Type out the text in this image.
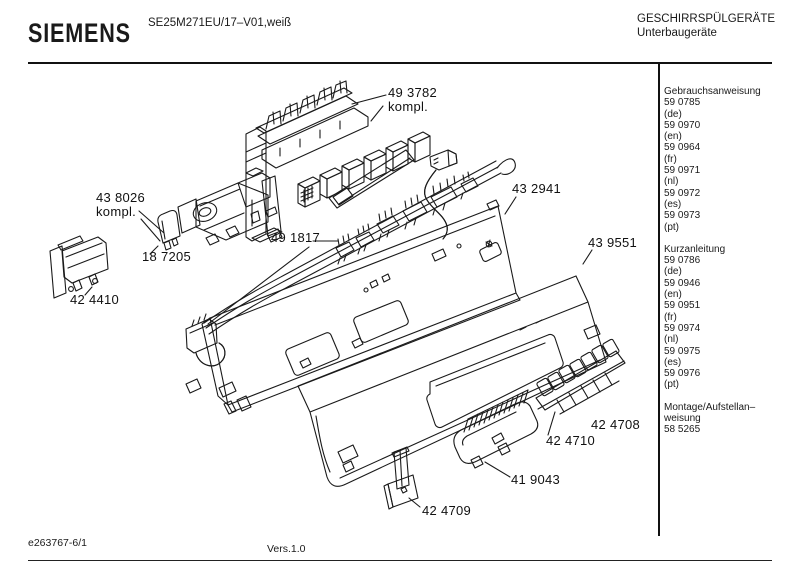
SIEMENS SE25M271EU/17–V01,weiß	GESCHIRRSPÜLGERÄTE
Unterbaugeräte
Gebrauchsanweisung
59 0785
(de)
59 0970
(en)
59 0964
(fr)
59 0971
(nl)
59 0972
(es)
59 0973
(pt)
Kurzanleitung
59 0786
(de)
59 0946
(en)
59 0951
(fr)
59 0974
(nl)
59 0975
(es)
59 0976
(pt)
Montage/Aufstellan–
weisung
58 5265
e263767-6/1	Vers.1.0
49 3782
kompl.
43 8026
kompl.
18 7205
42 4410
49 1817
43 2941
43 9551
42 4710
42 4708
41 9043
42 4709
